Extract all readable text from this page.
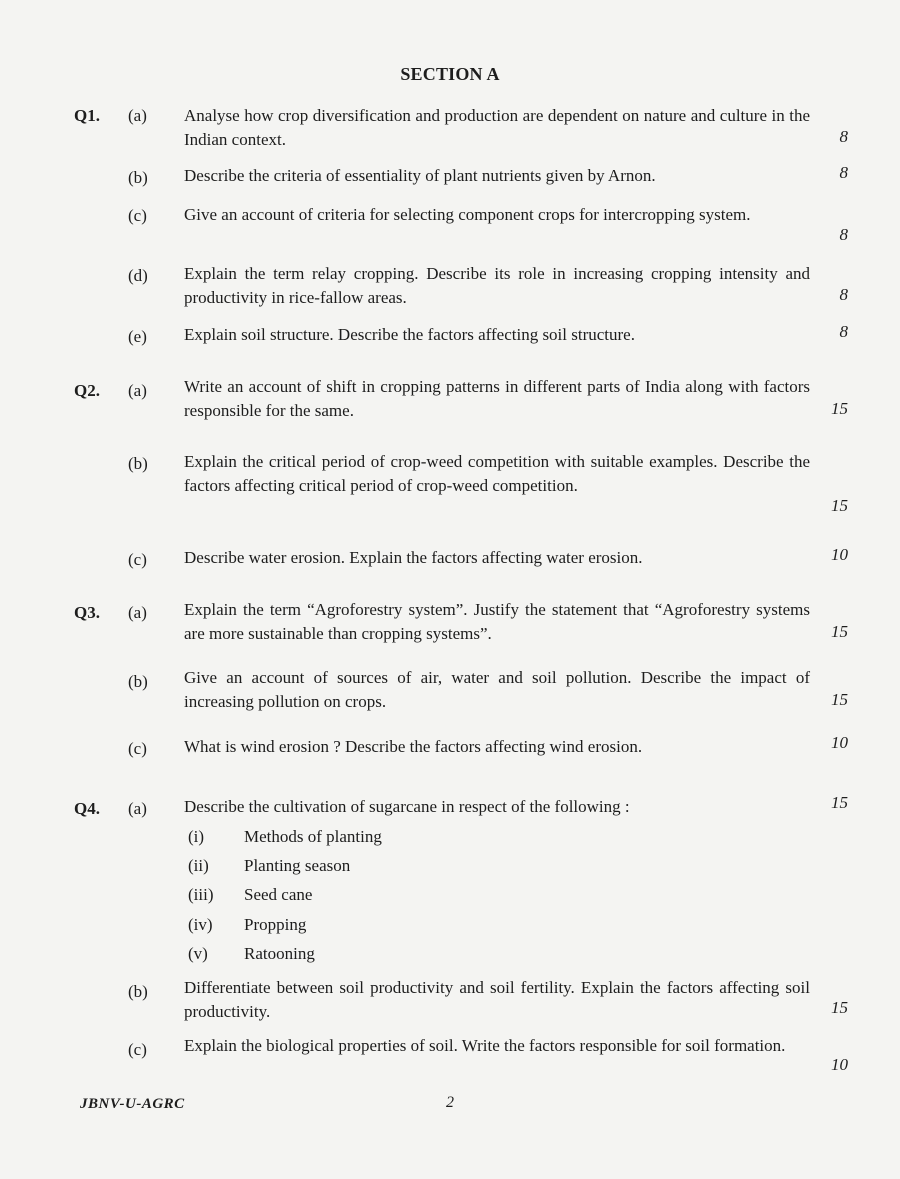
SECTION A
Q1. (a) Analyse how crop diversification and production are dependent on nature and culture in the Indian context.	8
(b) Describe the criteria of essentiality of plant nutrients given by Arnon.	8
(c) Give an account of criteria for selecting component crops for intercropping system.
8
(d) Explain the term relay cropping. Describe its role in increasing cropping intensity and productivity in rice-fallow areas.	8
(e) Explain soil structure. Describe the factors affecting soil structure.	8
Q2. (a) Write an account of shift in cropping patterns in different parts of India along with factors responsible for the same.	15
(b) Explain the critical period of crop-weed competition with suitable examples. Describe the factors affecting critical period of crop-weed competition.
15
(c) Describe water erosion. Explain the factors affecting water erosion.	10
Q3. (a) Explain the term “Agroforestry system”. Justify the statement that “Agroforestry systems are more sustainable than cropping systems”.	15
(b) Give an account of sources of air, water and soil pollution. Describe the impact of increasing pollution on crops.	15
(c) What is wind erosion ? Describe the factors affecting wind erosion.	10
Q4. (a) Describe the cultivation of sugarcane in respect of the following :	15
(i) Methods of planting
(ii) Planting season
(iii) Seed cane
(iv) Propping
(v) Ratooning
(b) Differentiate between soil productivity and soil fertility. Explain the factors affecting soil productivity.	15
(c) Explain the biological properties of soil. Write the factors responsible for soil formation.
10
JBNV-U-AGRC	2
